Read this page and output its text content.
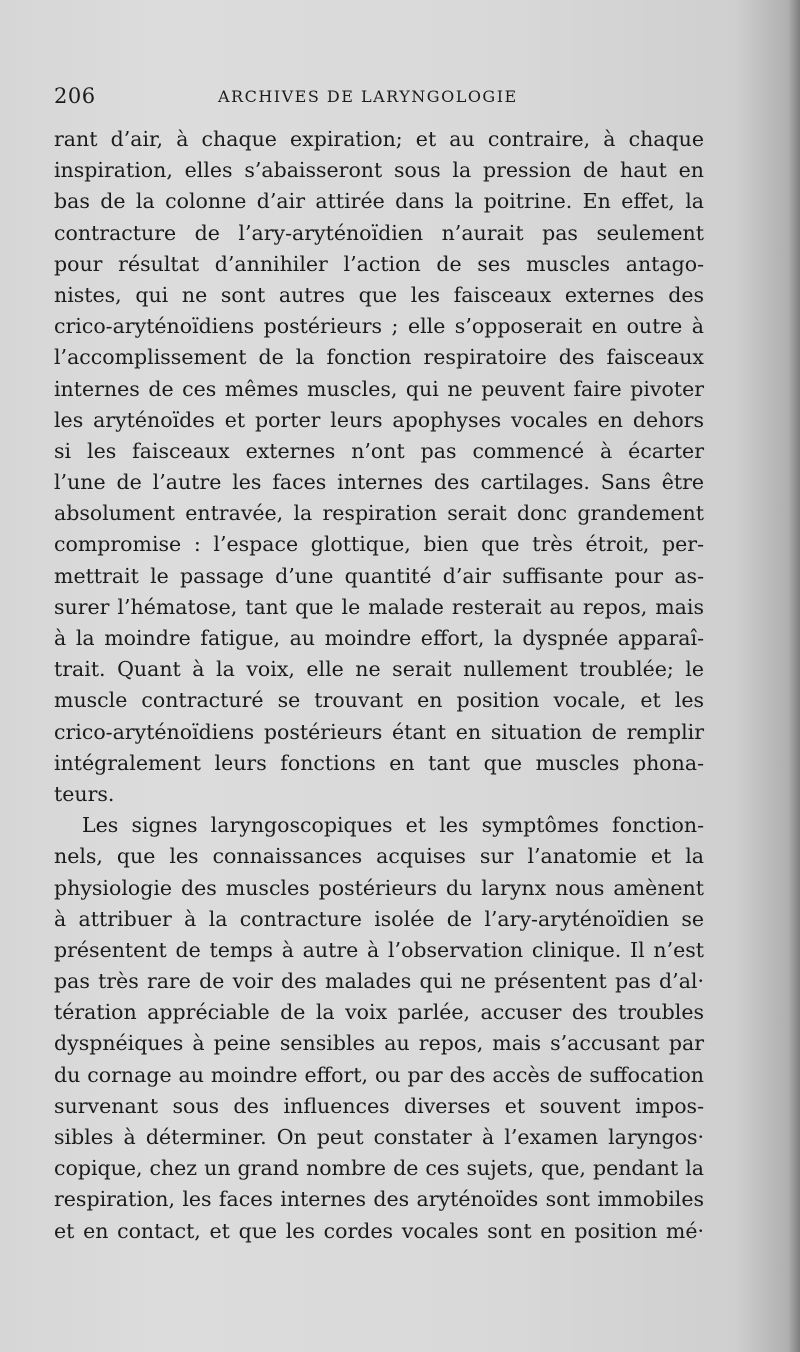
206	ARCHIVES DE LARYNGOLOGIE

rant d’air, à chaque expiration; et au contraire, à chaque
inspiration, elles s’abaisseront sous la pression de haut en
bas de la colonne d’air attirée dans la poitrine. En effet, la
contracture de l’ary-aryténoïdien n’aurait pas seulement
pour résultat d’annihiler l’action de ses muscles antago-
nistes, qui ne sont autres que les faisceaux externes des
crico-aryténoïdiens postérieurs ; elle s’opposerait en outre à
l’accomplissement de la fonction respiratoire des faisceaux
internes de ces mêmes muscles, qui ne peuvent faire pivoter
les aryténoïdes et porter leurs apophyses vocales en dehors
si les faisceaux externes n’ont pas commencé à écarter
l’une de l’autre les faces internes des cartilages. Sans être
absolument entravée, la respiration serait donc grandement
compromise : l’espace glottique, bien que très étroit, per-
mettrait le passage d’une quantité d’air suffisante pour as-
surer l’hématose, tant que le malade resterait au repos, mais
à la moindre fatigue, au moindre effort, la dyspnée apparaî-
trait. Quant à la voix, elle ne serait nullement troublée; le
muscle contracturé se trouvant en position vocale, et les
crico-aryténoïdiens postérieurs étant en situation de remplir
intégralement leurs fonctions en tant que muscles phona-
teurs.

Les signes laryngoscopiques et les symptômes fonction-
nels, que les connaissances acquises sur l’anatomie et la
physiologie des muscles postérieurs du larynx nous amènent
à attribuer à la contracture isolée de l’ary-aryténoïdien se
présentent de temps à autre à l’observation clinique. Il n’est
pas très rare de voir des malades qui ne présentent pas d’al·
tération appréciable de la voix parlée, accuser des troubles
dyspnéiques à peine sensibles au repos, mais s’accusant par
du cornage au moindre effort, ou par des accès de suffocation
survenant sous des influences diverses et souvent impos-
sibles à déterminer. On peut constater à l’examen laryngos·
copique, chez un grand nombre de ces sujets, que, pendant la
respiration, les faces internes des aryténoïdes sont immobiles
et en contact, et que les cordes vocales sont en position mé·
